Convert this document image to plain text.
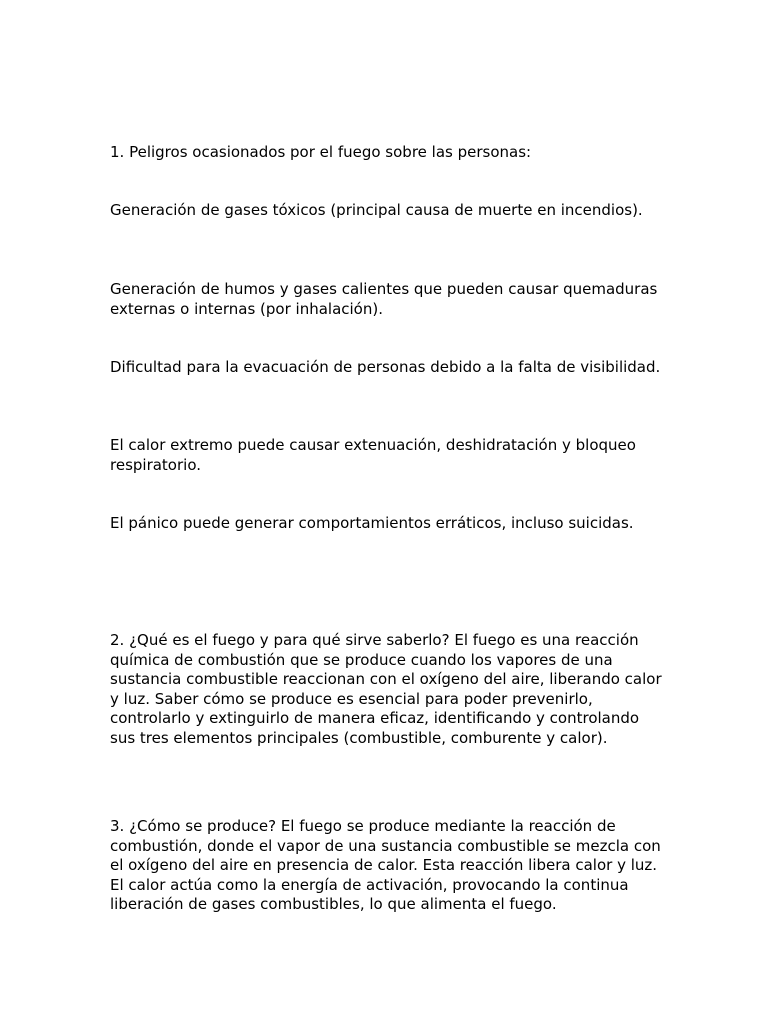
1. Peligros ocasionados por el fuego sobre las personas:

Generación de gases tóxicos (principal causa de muerte en incendios).

Generación de humos y gases calientes que pueden causar quemaduras externas o internas (por inhalación).

Dificultad para la evacuación de personas debido a la falta de visibilidad.

El calor extremo puede causar extenuación, deshidratación y bloqueo respiratorio.

El pánico puede generar comportamientos erráticos, incluso suicidas.

2. ¿Qué es el fuego y para qué sirve saberlo? El fuego es una reacción química de combustión que se produce cuando los vapores de una sustancia combustible reaccionan con el oxígeno del aire, liberando calor y luz. Saber cómo se produce es esencial para poder prevenirlo, controlarlo y extinguirlo de manera eficaz, identificando y controlando sus tres elementos principales (combustible, comburente y calor).

3. ¿Cómo se produce? El fuego se produce mediante la reacción de combustión, donde el vapor de una sustancia combustible se mezcla con el oxígeno del aire en presencia de calor. Esta reacción libera calor y luz. El calor actúa como la energía de activación, provocando la continua liberación de gases combustibles, lo que alimenta el fuego.
